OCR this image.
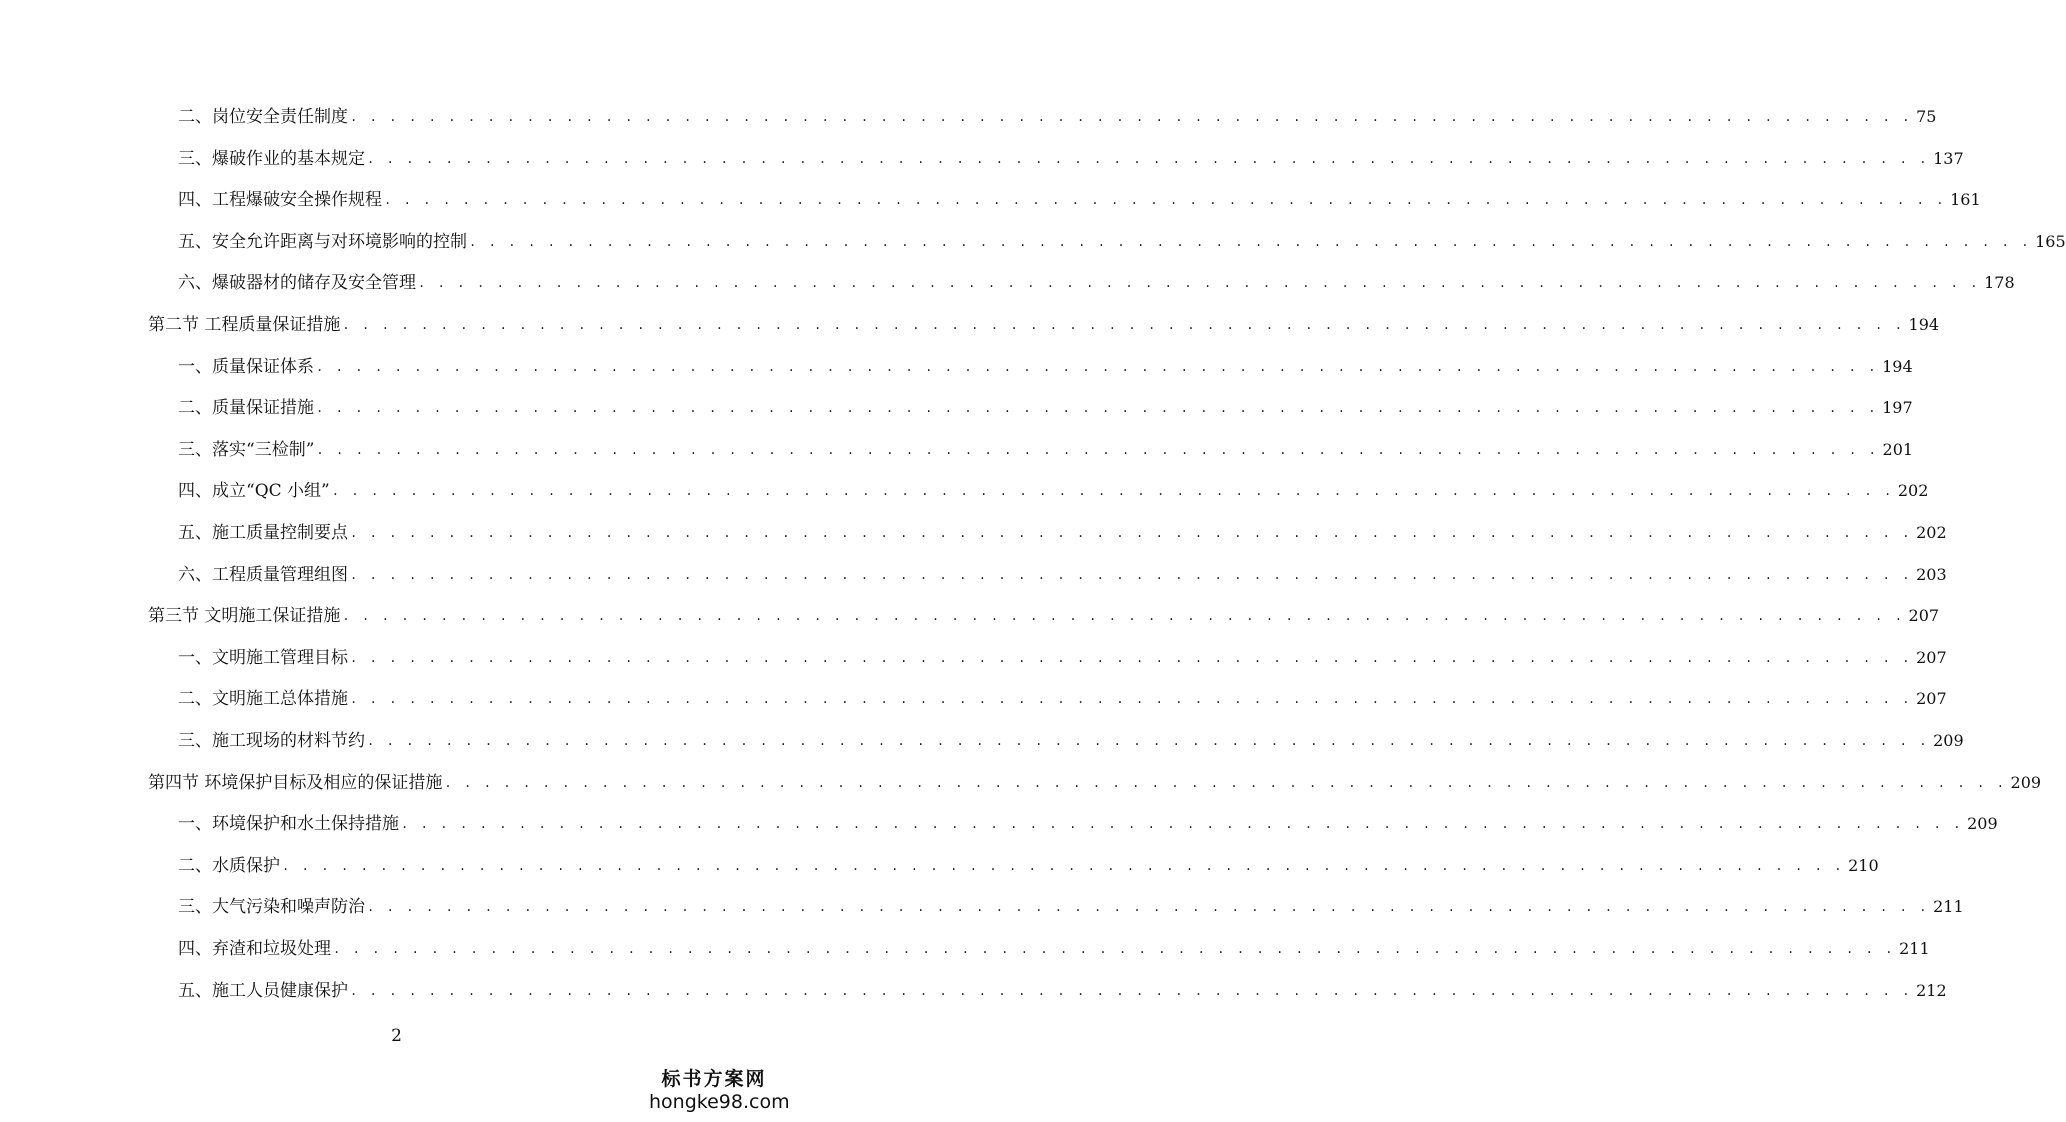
二、岗位安全责任制度 . . . . . . . . . . . . . . . . . . . . . . . . . . . . . . . . . . . . . . . . . . . . . . . . . . . . . . . . . . . . . . . . . . . . . . . . . . . . . . . . 75
三、爆破作业的基本规定 . . . . . . . . . . . . . . . . . . . . . . . . . . . . . . . . . . . . . . . . . . . . . . . . . . . . . . . . . . . . . . . . . . . . . . . . . . . . . . . . 137
四、工程爆破安全操作规程 . . . . . . . . . . . . . . . . . . . . . . . . . . . . . . . . . . . . . . . . . . . . . . . . . . . . . . . . . . . . . . . . . . . . . . . . . . . . . . . . 161
五、安全允许距离与对环境影响的控制 . . . . . . . . . . . . . . . . . . . . . . . . . . . . . . . . . . . . . . . . . . . . . . . . . . . . . . . . . . . . . . . . . . . . . . . . . . . . . . . . 165
六、爆破器材的储存及安全管理 . . . . . . . . . . . . . . . . . . . . . . . . . . . . . . . . . . . . . . . . . . . . . . . . . . . . . . . . . . . . . . . . . . . . . . . . . . . . . . . . 178
第二节 工程质量保证措施 . . . . . . . . . . . . . . . . . . . . . . . . . . . . . . . . . . . . . . . . . . . . . . . . . . . . . . . . . . . . . . . . . . . . . . . . . . . . . . . . 194
一、质量保证体系 . . . . . . . . . . . . . . . . . . . . . . . . . . . . . . . . . . . . . . . . . . . . . . . . . . . . . . . . . . . . . . . . . . . . . . . . . . . . . . . . 194
二、质量保证措施 . . . . . . . . . . . . . . . . . . . . . . . . . . . . . . . . . . . . . . . . . . . . . . . . . . . . . . . . . . . . . . . . . . . . . . . . . . . . . . . . 197
三、落实“三检制” . . . . . . . . . . . . . . . . . . . . . . . . . . . . . . . . . . . . . . . . . . . . . . . . . . . . . . . . . . . . . . . . . . . . . . . . . . . . . . . . 201
四、成立“QC 小组” . . . . . . . . . . . . . . . . . . . . . . . . . . . . . . . . . . . . . . . . . . . . . . . . . . . . . . . . . . . . . . . . . . . . . . . . . . . . . . . . 202
五、施工质量控制要点 . . . . . . . . . . . . . . . . . . . . . . . . . . . . . . . . . . . . . . . . . . . . . . . . . . . . . . . . . . . . . . . . . . . . . . . . . . . . . . . . 202
六、工程质量管理组图 . . . . . . . . . . . . . . . . . . . . . . . . . . . . . . . . . . . . . . . . . . . . . . . . . . . . . . . . . . . . . . . . . . . . . . . . . . . . . . . . 203
第三节 文明施工保证措施 . . . . . . . . . . . . . . . . . . . . . . . . . . . . . . . . . . . . . . . . . . . . . . . . . . . . . . . . . . . . . . . . . . . . . . . . . . . . . . . . 207
一、文明施工管理目标 . . . . . . . . . . . . . . . . . . . . . . . . . . . . . . . . . . . . . . . . . . . . . . . . . . . . . . . . . . . . . . . . . . . . . . . . . . . . . . . . 207
二、文明施工总体措施 . . . . . . . . . . . . . . . . . . . . . . . . . . . . . . . . . . . . . . . . . . . . . . . . . . . . . . . . . . . . . . . . . . . . . . . . . . . . . . . . 207
三、施工现场的材料节约 . . . . . . . . . . . . . . . . . . . . . . . . . . . . . . . . . . . . . . . . . . . . . . . . . . . . . . . . . . . . . . . . . . . . . . . . . . . . . . . . 209
第四节 环境保护目标及相应的保证措施 . . . . . . . . . . . . . . . . . . . . . . . . . . . . . . . . . . . . . . . . . . . . . . . . . . . . . . . . . . . . . . . . . . . . . . . . . . . . . . . . 209
一、环境保护和水土保持措施 . . . . . . . . . . . . . . . . . . . . . . . . . . . . . . . . . . . . . . . . . . . . . . . . . . . . . . . . . . . . . . . . . . . . . . . . . . . . . . . . 209
二、水质保护 . . . . . . . . . . . . . . . . . . . . . . . . . . . . . . . . . . . . . . . . . . . . . . . . . . . . . . . . . . . . . . . . . . . . . . . . . . . . . . . . 210
三、大气污染和噪声防治 . . . . . . . . . . . . . . . . . . . . . . . . . . . . . . . . . . . . . . . . . . . . . . . . . . . . . . . . . . . . . . . . . . . . . . . . . . . . . . . . 211
四、弃渣和垃圾处理 . . . . . . . . . . . . . . . . . . . . . . . . . . . . . . . . . . . . . . . . . . . . . . . . . . . . . . . . . . . . . . . . . . . . . . . . . . . . . . . . 211
五、施工人员健康保护 . . . . . . . . . . . . . . . . . . . . . . . . . . . . . . . . . . . . . . . . . . . . . . . . . . . . . . . . . . . . . . . . . . . . . . . . . . . . . . . . 212
2
标书方案网
hongke98.com
